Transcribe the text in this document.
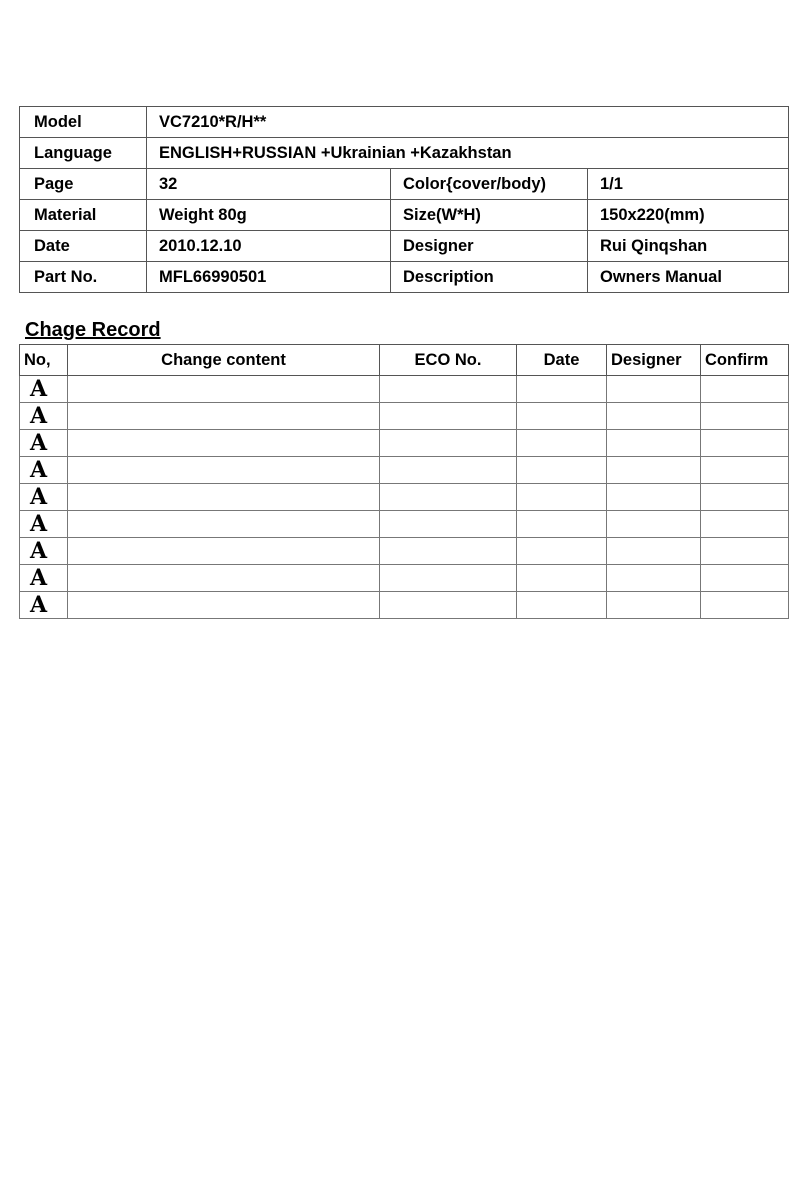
Model	VC7210*R/H**		
Language	ENGLISH+RUSSIAN +Ukrainian +Kazakhstan		
Page	32	Color{cover/body)	1/1
Material	Weight 80g	Size(W*H)	150x220(mm)
Date	2010.12.10	Designer	Rui Qinqshan
Part No.	MFL66990501	Description	Owners Manual
Chage Record
No,	Change content	ECO No.	Date	Designer	Confirm
A					
A					
A					
A					
A					
A					
A					
A					
A					
